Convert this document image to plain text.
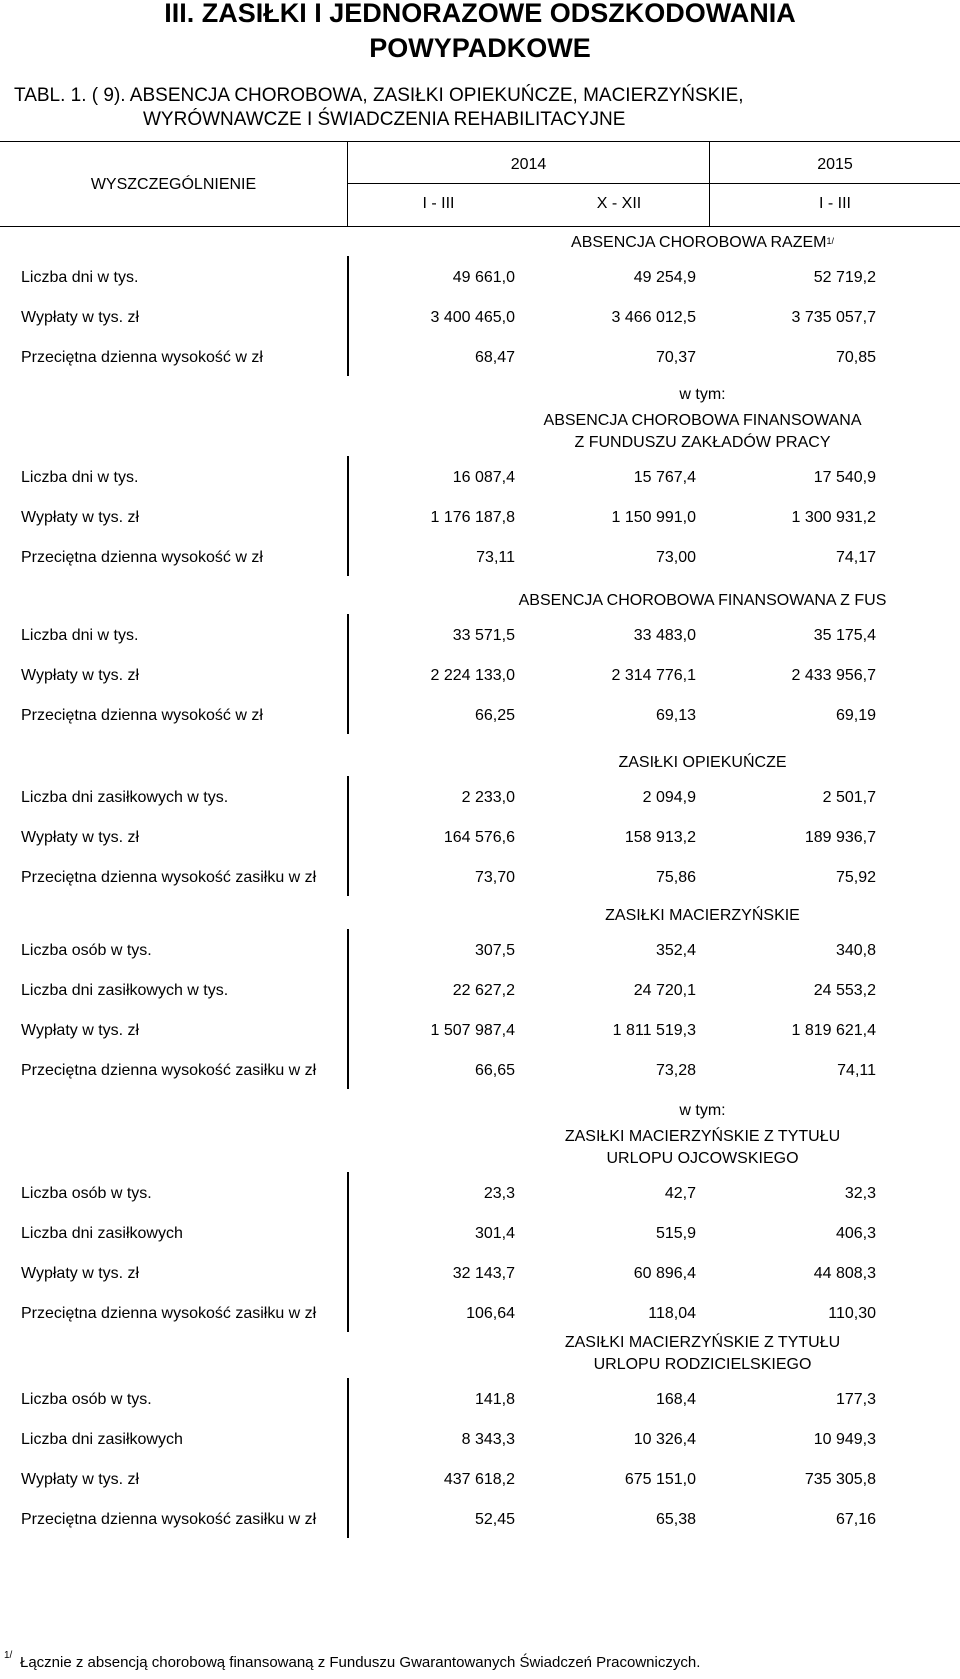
III. ZASIŁKI I JEDNORAZOWE ODSZKODOWANIA
POWYPADKOWE
TABL. 1. ( 9). ABSENCJA CHOROBOWA, ZASIŁKI OPIEKUŃCZE, MACIERZYŃSKIE,
WYRÓWNAWCZE I ŚWIADCZENIA REHABILITACYJNE
WYSZCZEGÓLNIENIE
2014	2015
I - III	X - XII	I - III
ABSENCJA CHOROBOWA $RAZEM^{1/}$
Liczba dni w tys.	49 661,0	49 254,9	52 719,2
Wypłaty w tys. zł	3 400 465,0	3 466 012,5	3 735 057,7
Przeciętna dzienna wysokość w zł	68,47	70,37	70,85
w tym:
ABSENCJA CHOROBOWA FINANSOWANA
Z FUNDUSZU ZAKŁADÓW PRACY
Liczba dni w tys.	16 087,4	15 767,4	17 540,9
Wypłaty w tys. zł	1 176 187,8	1 150 991,0	1 300 931,2
Przeciętna dzienna wysokość w zł	73,11	73,00	74,17
ABSENCJA CHOROBOWA FINANSOWANA Z FUS
Liczba dni w tys.	33 571,5	33 483,0	35 175,4
Wypłaty w tys. zł	2 224 133,0	2 314 776,1	2 433 956,7
Przeciętna dzienna wysokość w zł	66,25	69,13	69,19
ZASIŁKI OPIEKUŃCZE
Liczba dni zasiłkowych w tys.	2 233,0	2 094,9	2 501,7
Wypłaty w tys. zł	164 576,6	158 913,2	189 936,7
Przeciętna dzienna wysokość zasiłku w zł	73,70	75,86	75,92
ZASIŁKI MACIERZYŃSKIE
Liczba osób w tys.	307,5	352,4	340,8
Liczba dni zasiłkowych w tys.	22 627,2	24 720,1	24 553,2
Wypłaty w tys. zł	1 507 987,4	1 811 519,3	1 819 621,4
Przeciętna dzienna wysokość zasiłku w zł	66,65	73,28	74,11
w tym:
ZASIŁKI MACIERZYŃSKIE Z TYTUŁU
URLOPU OJCOWSKIEGO
Liczba osób w tys.	23,3	42,7	32,3
Liczba dni zasiłkowych	301,4	515,9	406,3
Wypłaty w tys. zł	32 143,7	60 896,4	44 808,3
Przeciętna dzienna wysokość zasiłku w zł	106,64	118,04	110,30
ZASIŁKI MACIERZYŃSKIE Z TYTUŁU
URLOPU RODZICIELSKIEGO
Liczba osób w tys.	141,8	168,4	177,3
Liczba dni zasiłkowych	8 343,3	10 326,4	10 949,3
Wypłaty w tys. zł	437 618,2	675 151,0	735 305,8
Przeciętna dzienna wysokość zasiłku w zł	52,45	65,38	67,16
1/ Łącznie z absencją chorobową finansowaną z Funduszu Gwarantowanych Świadczeń Pracowniczych.
